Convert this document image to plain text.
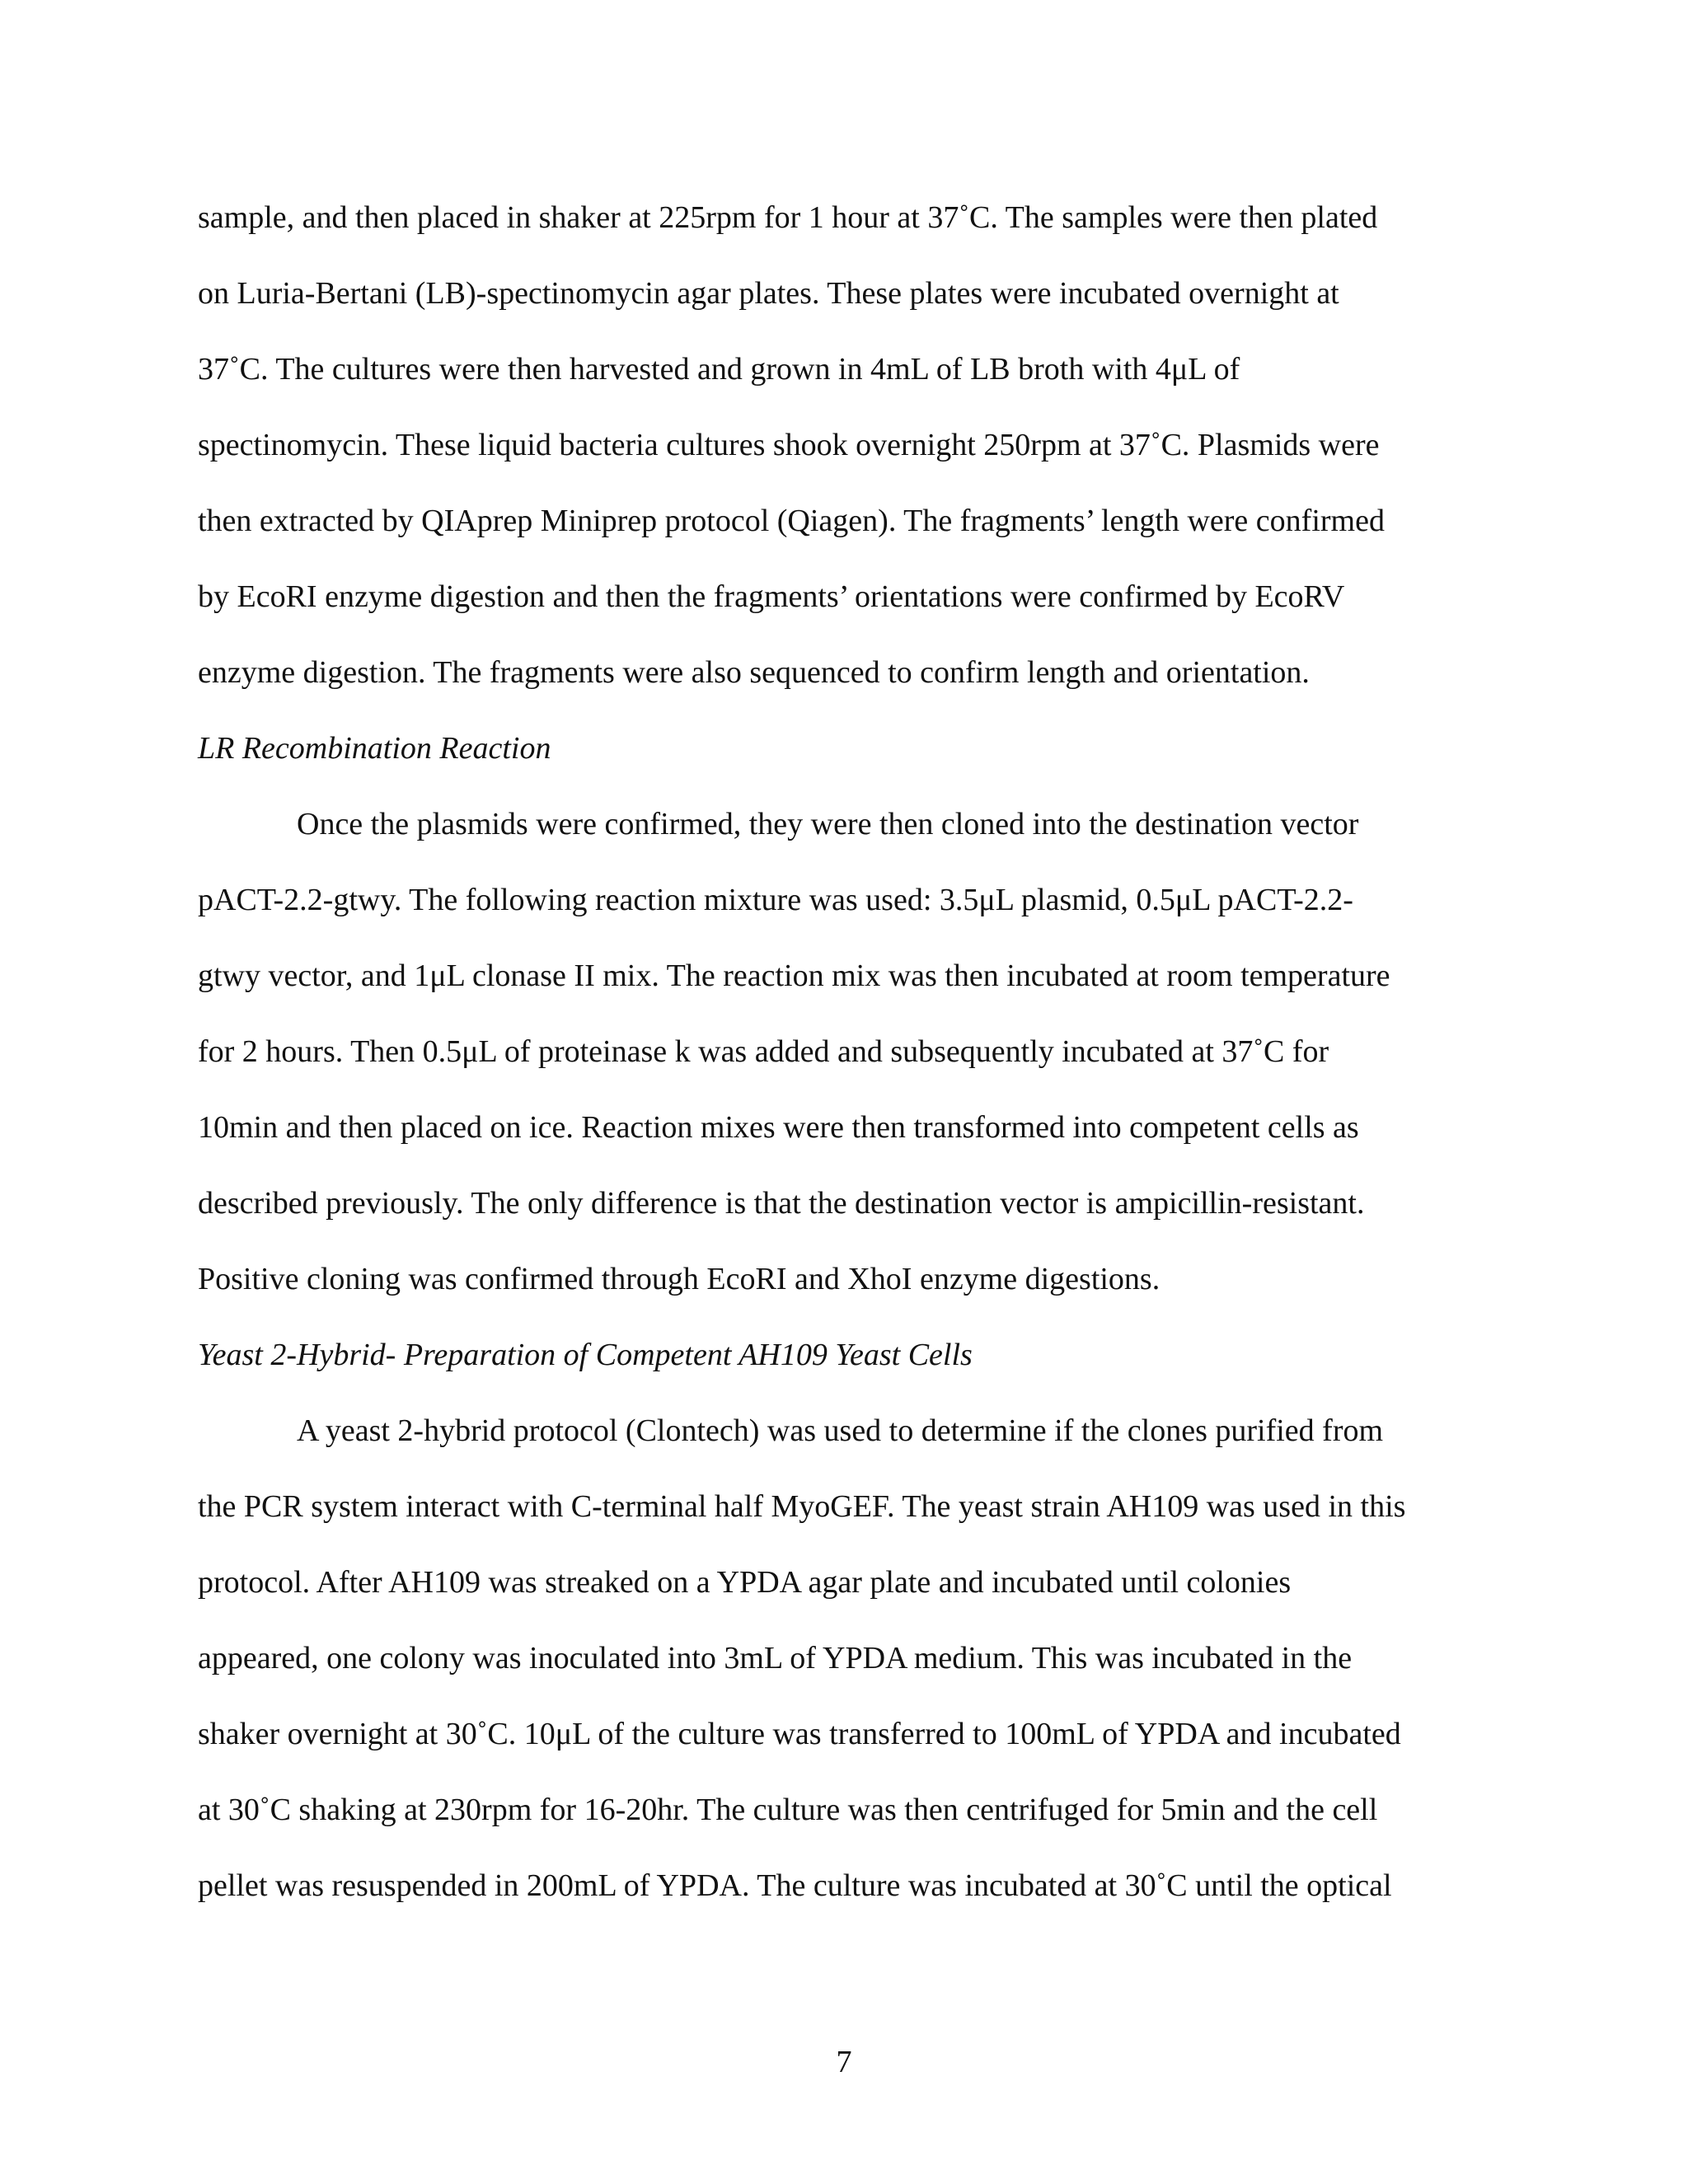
sample, and then placed in shaker at 225rpm for 1 hour at 37˚C. The samples were then plated
on Luria-Bertani (LB)-spectinomycin agar plates. These plates were incubated overnight at
37˚C. The cultures were then harvested and grown in 4mL of LB broth with 4μL of
spectinomycin. These liquid bacteria cultures shook overnight 250rpm at 37˚C. Plasmids were
then extracted by QIAprep Miniprep protocol (Qiagen). The fragments’ length were confirmed
by EcoRI enzyme digestion and then the fragments’ orientations were confirmed by EcoRV
enzyme digestion. The fragments were also sequenced to confirm length and orientation.
LR Recombination Reaction
Once the plasmids were confirmed, they were then cloned into the destination vector
pACT-2.2-gtwy. The following reaction mixture was used: 3.5μL plasmid, 0.5μL pACT-2.2-
gtwy vector, and 1μL clonase II mix. The reaction mix was then incubated at room temperature
for 2 hours. Then 0.5μL of proteinase k was added and subsequently incubated at 37˚C for
10min and then placed on ice. Reaction mixes were then transformed into competent cells as
described previously. The only difference is that the destination vector is ampicillin-resistant.
Positive cloning was confirmed through EcoRI and XhoI enzyme digestions.
Yeast 2-Hybrid- Preparation of Competent AH109 Yeast Cells
A yeast 2-hybrid protocol (Clontech) was used to determine if the clones purified from
the PCR system interact with C-terminal half MyoGEF. The yeast strain AH109 was used in this
protocol. After AH109 was streaked on a YPDA agar plate and incubated until colonies
appeared, one colony was inoculated into 3mL of YPDA medium. This was incubated in the
shaker overnight at 30˚C. 10μL of the culture was transferred to 100mL of YPDA and incubated
at 30˚C shaking at 230rpm for 16-20hr. The culture was then centrifuged for 5min and the cell
pellet was resuspended in 200mL of YPDA. The culture was incubated at 30˚C until the optical
7
